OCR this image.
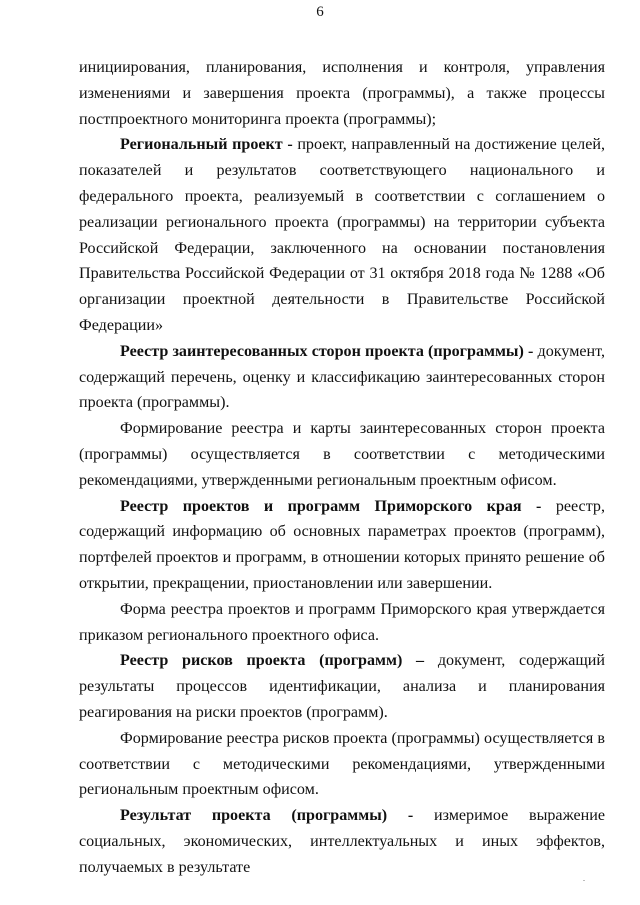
6

инициирования, планирования, исполнения и контроля, управления изменениями и завершения проекта (программы), а также процессы постпроектного мониторинга проекта (программы);

Региональный проект - проект, направленный на достижение целей, показателей и результатов соответствующего национального и федерального проекта, реализуемый в соответствии с соглашением о реализации регионального проекта (программы) на территории субъекта Российской Федерации, заключенного на основании постановления Правительства Российской Федерации от 31 октября 2018 года № 1288 «Об организации проектной деятельности в Правительстве Российской Федерации»

Реестр заинтересованных сторон проекта (программы) - документ, содержащий перечень, оценку и классификацию заинтересованных сторон проекта (программы).

Формирование реестра и карты заинтересованных сторон проекта (программы) осуществляется в соответствии с методическими рекомендациями, утвержденными региональным проектным офисом.

Реестр проектов и программ Приморского края - реестр, содержащий информацию об основных параметрах проектов (программ), портфелей проектов и программ, в отношении которых принято решение об открытии, прекращении, приостановлении или завершении.

Форма реестра проектов и программ Приморского края утверждается приказом регионального проектного офиса.

Реестр рисков проекта (программ) – документ, содержащий результаты процессов идентификации, анализа и планирования реагирования на риски проектов (программ).

Формирование реестра рисков проекта (программы) осуществляется в соответствии с методическими рекомендациями, утвержденными региональным проектным офисом.

Результат проекта (программы) - измеримое выражение социальных, экономических, интеллектуальных и иных эффектов, получаемых в результате
